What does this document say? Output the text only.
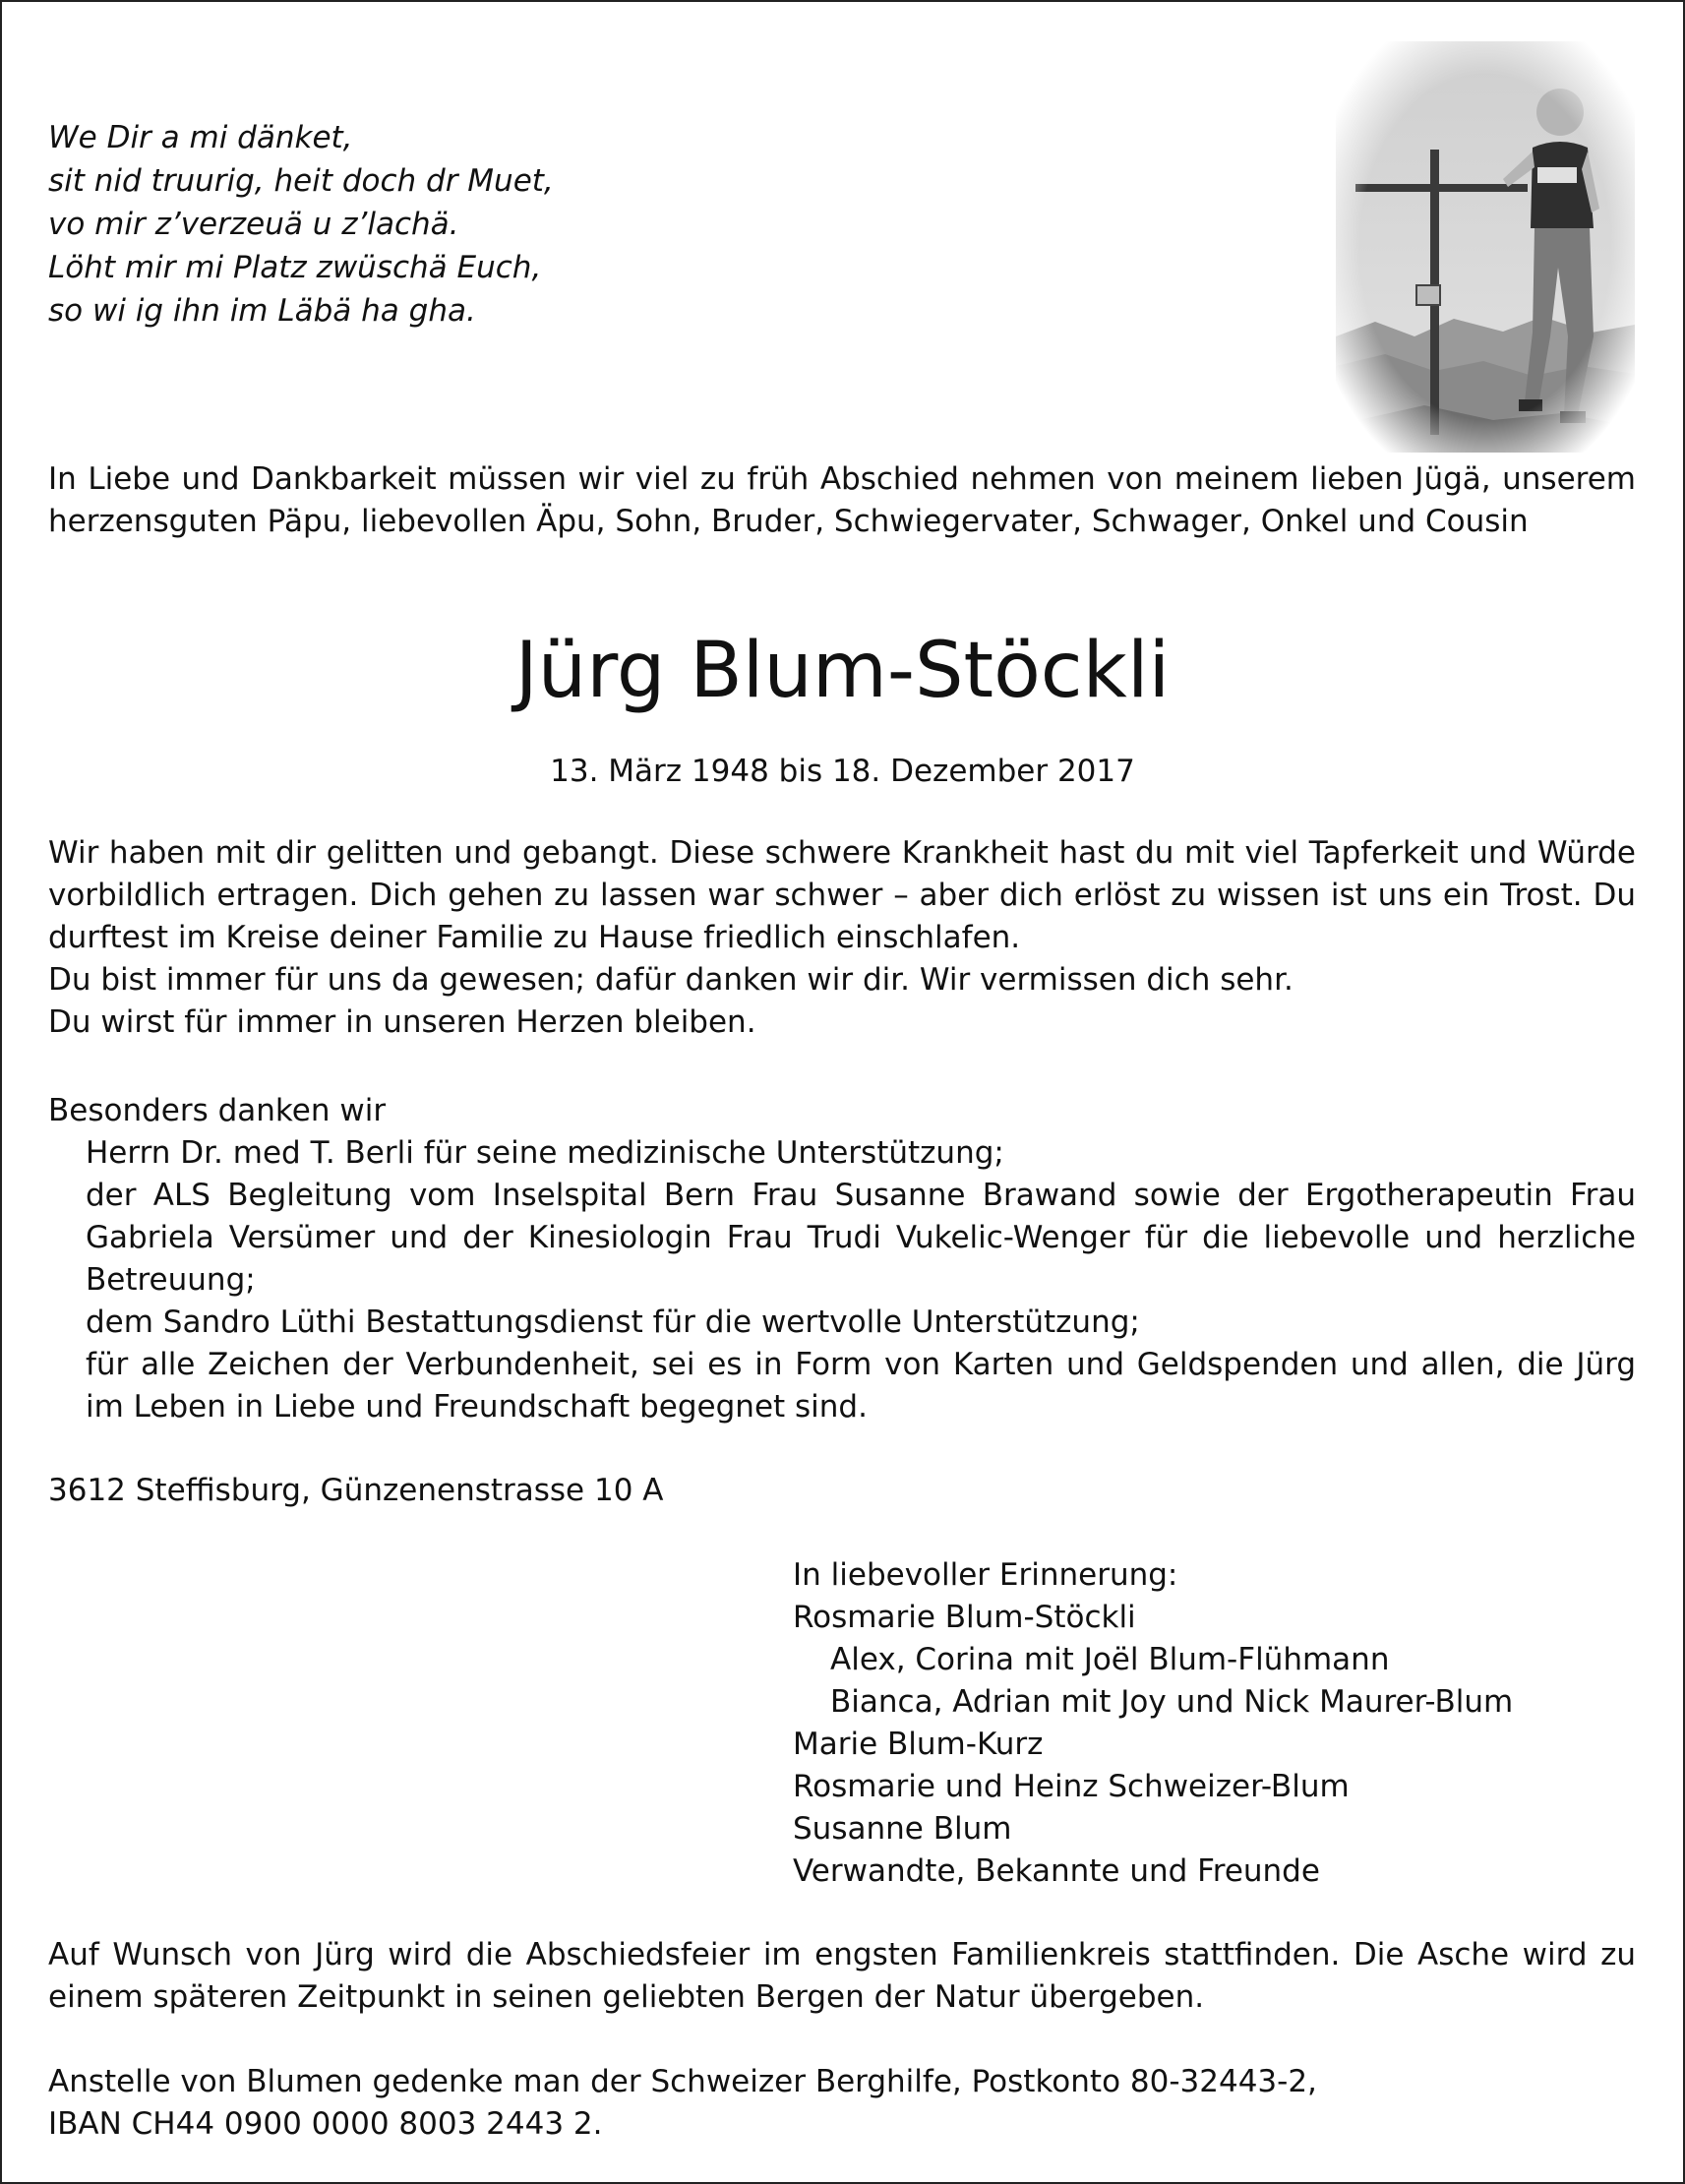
We Dir a mi dänket,
sit nid truurig, heit doch dr Muet,
vo mir z’verzeuä u z’lachä.
Löht mir mi Platz zwüschä Euch,
so wi ig ihn im Läbä ha gha.
In Liebe und Dankbarkeit müssen wir viel zu früh Abschied nehmen von meinem lieben Jügä, unserem herzensguten Päpu, liebevollen Äpu, Sohn, Bruder, Schwiegervater, Schwager, Onkel und Cousin
Jürg Blum-Stöckli
13. März 1948 bis 18. Dezember 2017
Wir haben mit dir gelitten und gebangt. Diese schwere Krankheit hast du mit viel Tapferkeit und Würde vorbildlich ertragen. Dich gehen zu lassen war schwer – aber dich erlöst zu wissen ist uns ein Trost. Du durftest im Kreise deiner Familie zu Hause friedlich einschlafen.
Du bist immer für uns da gewesen; dafür danken wir dir. Wir vermissen dich sehr.
Du wirst für immer in unseren Herzen bleiben.
Besonders danken wir

Herrn Dr. med T. Berli für seine medizinische Unterstützung;

der ALS Begleitung vom Inselspital Bern Frau Susanne Brawand sowie der Ergotherapeutin Frau Gabriela Versümer und der Kinesiologin Frau Trudi Vukelic-Wenger für die liebevolle und herzliche Betreuung;

dem Sandro Lüthi Bestattungsdienst für die wertvolle Unterstützung;

für alle Zeichen der Verbundenheit, sei es in Form von Karten und Geldspenden und allen, die Jürg im Leben in Liebe und Freundschaft begegnet sind.

3612 Steffisburg, Günzenenstrasse 10 A
In liebevoller Erinnerung:
Rosmarie Blum-Stöckli
Alex, Corina mit Joël Blum-Flühmann
Bianca, Adrian mit Joy und Nick Maurer-Blum
Marie Blum-Kurz
Rosmarie und Heinz Schweizer-Blum
Susanne Blum
Verwandte, Bekannte und Freunde
Auf Wunsch von Jürg wird die Abschiedsfeier im engsten Familienkreis stattfinden. Die Asche wird zu einem späteren Zeitpunkt in seinen geliebten Bergen der Natur übergeben.
Anstelle von Blumen gedenke man der Schweizer Berghilfe, Postkonto 80-32443-2,
IBAN CH44 0900 0000 8003 2443 2.
